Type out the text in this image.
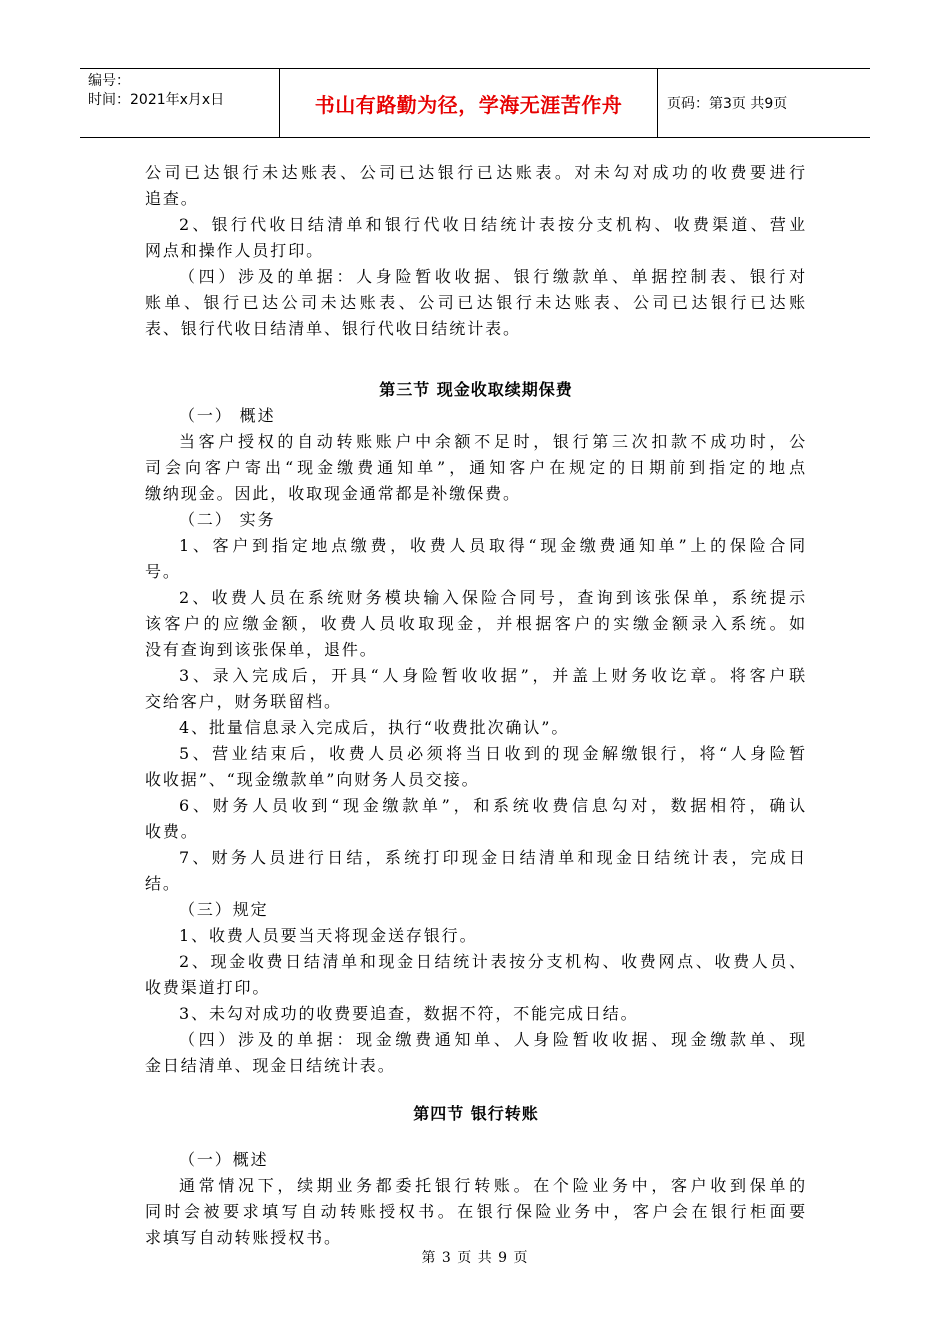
编号：
时间：2021年x月x日	书山有路勤为径，学海无涯苦作舟	页码：第3页 共9页
公司已达银行未达账表、公司已达银行已达账表。对未勾对成功的收费要进行
追查。
2、银行代收日结清单和银行代收日结统计表按分支机构、收费渠道、营业
网点和操作人员打印。
（四）涉及的单据：人身险暂收收据、银行缴款单、单据控制表、银行对
账单、银行已达公司未达账表、公司已达银行未达账表、公司已达银行已达账
表、银行代收日结清单、银行代收日结统计表。
第三节 现金收取续期保费
（一） 概述
当客户授权的自动转账账户中余额不足时，银行第三次扣款不成功时，公
司会向客户寄出“现金缴费通知单”，通知客户在规定的日期前到指定的地点
缴纳现金。因此，收取现金通常都是补缴保费。
（二） 实务
1、客户到指定地点缴费，收费人员取得“现金缴费通知单”上的保险合同
号。
2、收费人员在系统财务模块输入保险合同号，查询到该张保单，系统提示
该客户的应缴金额，收费人员收取现金，并根据客户的实缴金额录入系统。如
没有查询到该张保单，退件。
3、录入完成后，开具“人身险暂收收据”，并盖上财务收讫章。将客户联
交给客户，财务联留档。
4、批量信息录入完成后，执行“收费批次确认”。
5、营业结束后，收费人员必须将当日收到的现金解缴银行，将“人身险暂
收收据”、“现金缴款单”向财务人员交接。
6、财务人员收到“现金缴款单”，和系统收费信息勾对，数据相符，确认
收费。
7、财务人员进行日结，系统打印现金日结清单和现金日结统计表，完成日
结。
（三）规定
1、收费人员要当天将现金送存银行。
2、现金收费日结清单和现金日结统计表按分支机构、收费网点、收费人员、
收费渠道打印。
3、未勾对成功的收费要追查，数据不符，不能完成日结。
（四）涉及的单据：现金缴费通知单、人身险暂收收据、现金缴款单、现
金日结清单、现金日结统计表。
第四节 银行转账
（一）概述
通常情况下，续期业务都委托银行转账。在个险业务中，客户收到保单的
同时会被要求填写自动转账授权书。在银行保险业务中，客户会在银行柜面要
求填写自动转账授权书。
第 3 页 共 9 页
